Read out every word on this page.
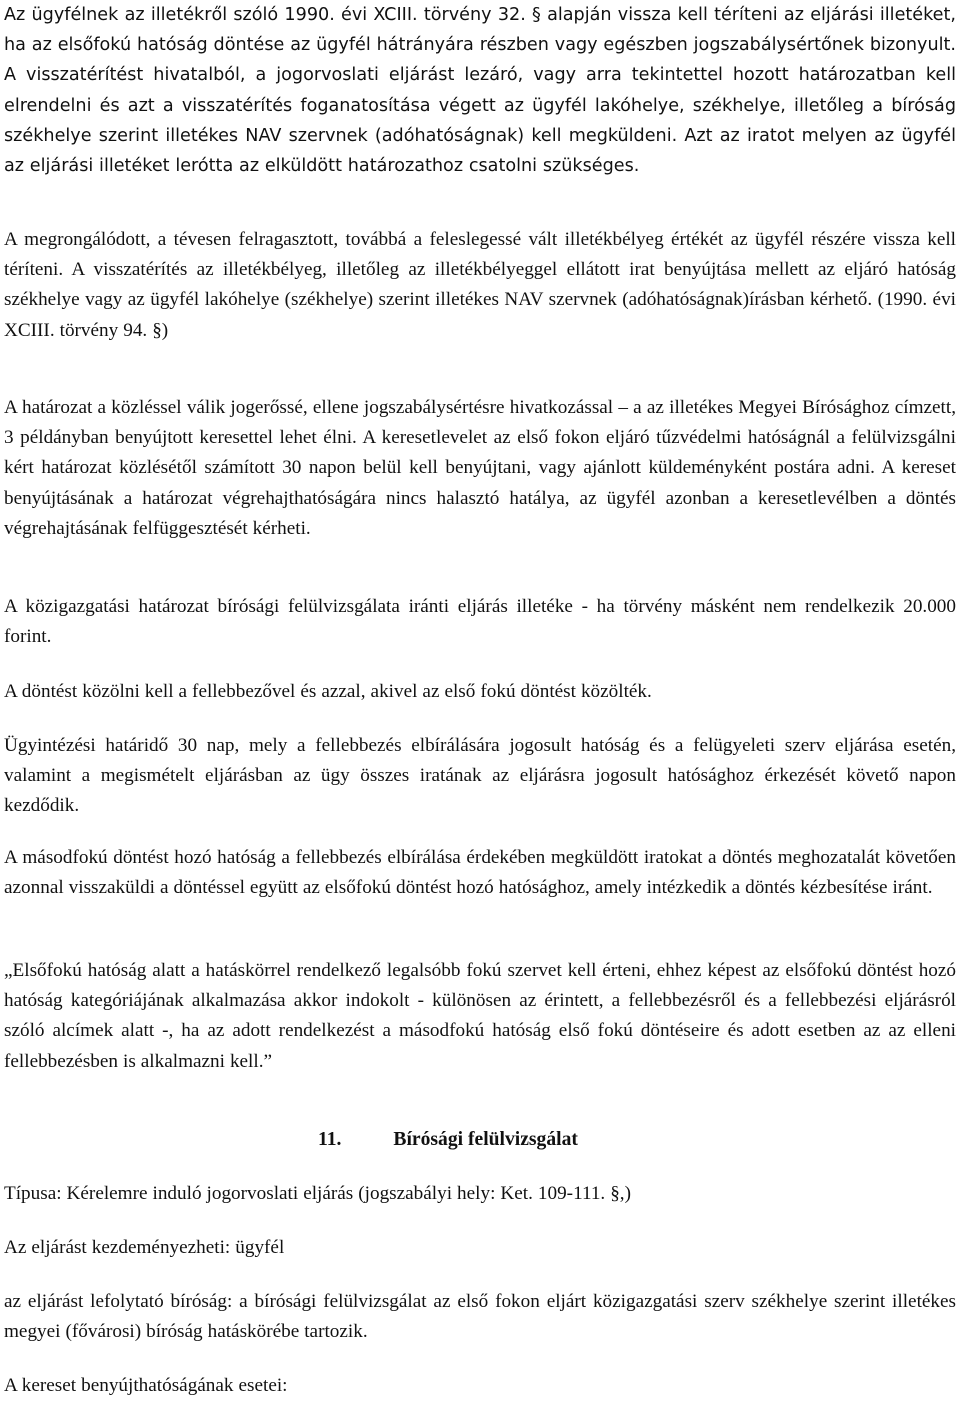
Az ügyfélnek az illetékről szóló 1990. évi XCIII. törvény 32. § alapján vissza kell téríteni az eljárási illetéket, ha az elsőfokú hatóság döntése az ügyfél hátrányára részben vagy egészben jogszabálysértőnek bizonyult. A visszatérítést hivatalból, a jogorvoslati eljárást lezáró, vagy arra tekintettel hozott határozatban kell elrendelni és azt a visszatérítés foganatosítása végett az ügyfél lakóhelye, székhelye, illetőleg a bíróság székhelye szerint illetékes NAV szervnek (adóhatóságnak) kell megküldeni. Azt az iratot melyen az ügyfél az eljárási illetéket lerótta az elküldött határozathoz csatolni szükséges.

A megrongálódott, a tévesen felragasztott, továbbá a feleslegessé vált illetékbélyeg értékét az ügyfél részére vissza kell téríteni. A visszatérítés az illetékbélyeg, illetőleg az illetékbélyeggel ellátott irat benyújtása mellett az eljáró hatóság székhelye vagy az ügyfél lakóhelye (székhelye) szerint illetékes NAV szervnek (adóhatóságnak)írásban kérhető. (1990. évi XCIII. törvény 94. §)

A határozat a közléssel válik jogerőssé, ellene jogszabálysértésre hivatkozással – a az illetékes Megyei Bírósághoz címzett, 3 példányban benyújtott keresettel lehet élni. A keresetlevelet az első fokon eljáró tűzvédelmi hatóságnál a felülvizsgálni kért határozat közlésétől számított 30 napon belül kell benyújtani, vagy ajánlott küldeményként postára adni. A kereset benyújtásának a határozat végrehajthatóságára nincs halasztó hatálya, az ügyfél azonban a keresetlevélben a döntés végrehajtásának felfüggesztését kérheti.

A közigazgatási határozat bírósági felülvizsgálata iránti eljárás illetéke - ha törvény másként nem rendelkezik 20.000 forint.

A döntést közölni kell a fellebbezővel és azzal, akivel az első fokú döntést közölték.

Ügyintézési határidő 30 nap, mely a fellebbezés elbírálására jogosult hatóság és a felügyeleti szerv eljárása esetén, valamint a megismételt eljárásban az ügy összes iratának az eljárásra jogosult hatósághoz érkezését követő napon kezdődik.

A másodfokú döntést hozó hatóság a fellebbezés elbírálása érdekében megküldött iratokat a döntés meghozatalát követően azonnal visszaküldi a döntéssel együtt az elsőfokú döntést hozó hatósághoz, amely intézkedik a döntés kézbesítése iránt.

„Elsőfokú hatóság alatt a hatáskörrel rendelkező legalsóbb fokú szervet kell érteni, ehhez képest az elsőfokú döntést hozó hatóság kategóriájának alkalmazása akkor indokolt - különösen az érintett, a fellebbezésről és a fellebbezési eljárásról szóló alcímek alatt -, ha az adott rendelkezést a másodfokú hatóság első fokú döntéseire és adott esetben az az elleni fellebbezésben is alkalmazni kell.”

11.	Bírósági felülvizsgálat

Típusa: Kérelemre induló jogorvoslati eljárás (jogszabályi hely: Ket. 109-111. §,)

Az eljárást kezdeményezheti: ügyfél

az eljárást lefolytató bíróság: a bírósági felülvizsgálat az első fokon eljárt közigazgatási szerv székhelye szerint illetékes megyei (fővárosi) bíróság hatáskörébe tartozik.

A kereset benyújthatóságának esetei:
